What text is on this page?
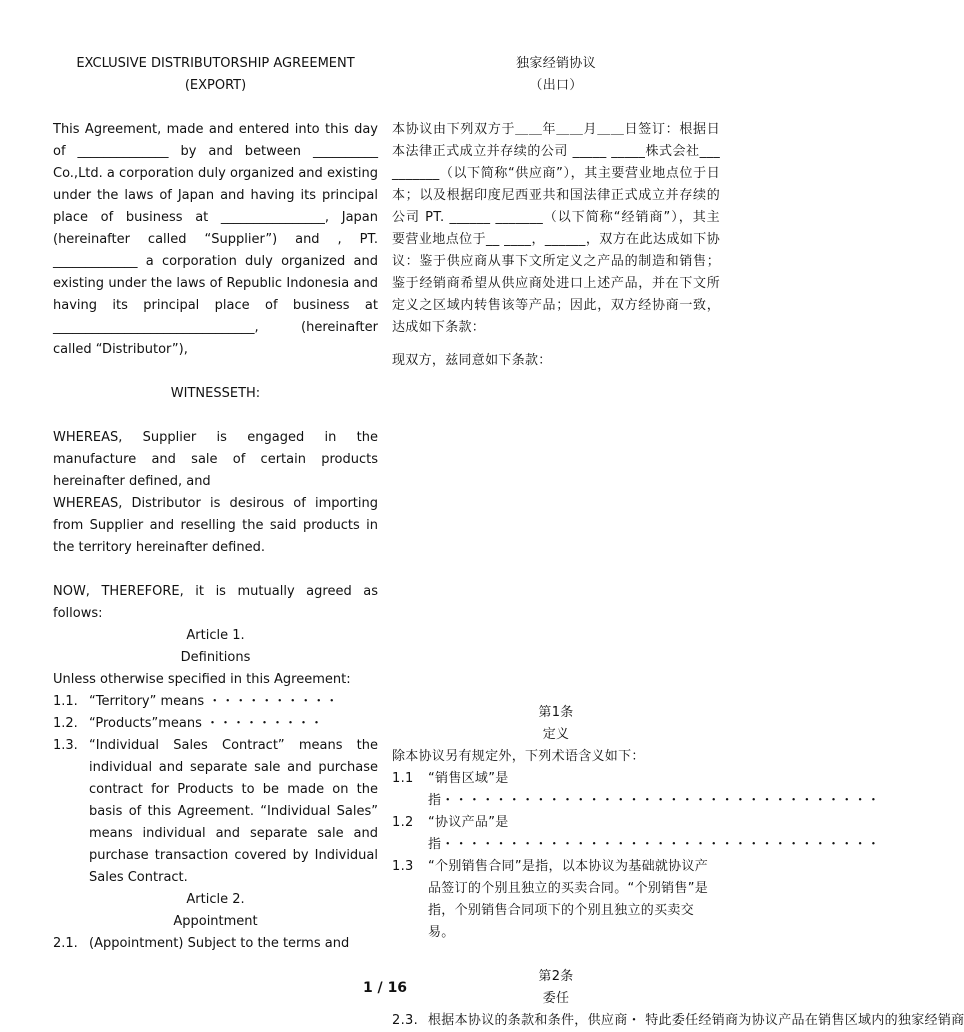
EXCLUSIVE DISTRIBUTORSHIP AGREEMENT
(EXPORT)
This Agreement, made and entered into this day of ______________ by and between __________ Co.,Ltd. a corporation duly organized and existing under the laws of Japan and having its principal place of business at ________________, Japan (hereinafter called “Supplier”) and , PT. _____________ a corporation duly organized and existing under the laws of Republic Indonesia and having its principal place of business at _______________________________, (hereinafter called “Distributor”),
WITNESSETH:
WHEREAS, Supplier is engaged in the manufacture and sale of certain products hereinafter defined, and
WHEREAS, Distributor is desirous of importing from Supplier and reselling the said products in the territory hereinafter defined.
NOW, THEREFORE, it is mutually agreed as follows:
Article 1.
Definitions
Unless otherwise specified in this Agreement:
1.1. “Territory” means ・・・・・・・・・・
1.2. “Products”means ・・・・・・・・・
1.3. “Individual Sales Contract” means the individual and separate sale and purchase contract for Products to be made on the basis of this Agreement. “Individual Sales” means individual and separate sale and purchase transaction covered by Individual Sales Contract.
Article 2.
Appointment
2.1. (Appointment) Subject to the terms and
独家经销协议
（出口）
本协议由下列双方于＿＿年＿＿月＿＿日签订：根据日本法律正式成立并存续的公司 _____ _____株式会社__________（以下简称“供应商”），其主要营业地点位于日本；以及根据印度尼西亚共和国法律正式成立并存续的公司 PT. ______ _______（以下简称“经销商”），其主要营业地点位于__ ____，______，双方在此达成如下协议：鉴于供应商从事下文所定义之产品的制造和销售；鉴于经销商希望从供应商处进口上述产品，并在下文所定义之区域内转售该等产品；因此，双方经协商一致，达成如下条款：
现双方，兹同意如下条款：
第1条
定义
除本协议另有规定外，下列术语含义如下：
1.1	“销售区域”是指・・・・・・・・・・・・・・・・・・・・・・・・・・・・・・・・・
1.2	“协议产品”是指・・・・・・・・・・・・・・・・・・・・・・・・・・・・・・・・・
1.3	“个别销售合同”是指，以本协议为基础就协议产品签订的个别且独立的买卖合同。“个别销售”是指，个别销售合同项下的个别且独立的买卖交易。
第2条
委任
2.3. 根据本协议的条款和条件，供应商・ 特此委任经销商为协议产品在销售区域内的独家经销商
1 / 16
